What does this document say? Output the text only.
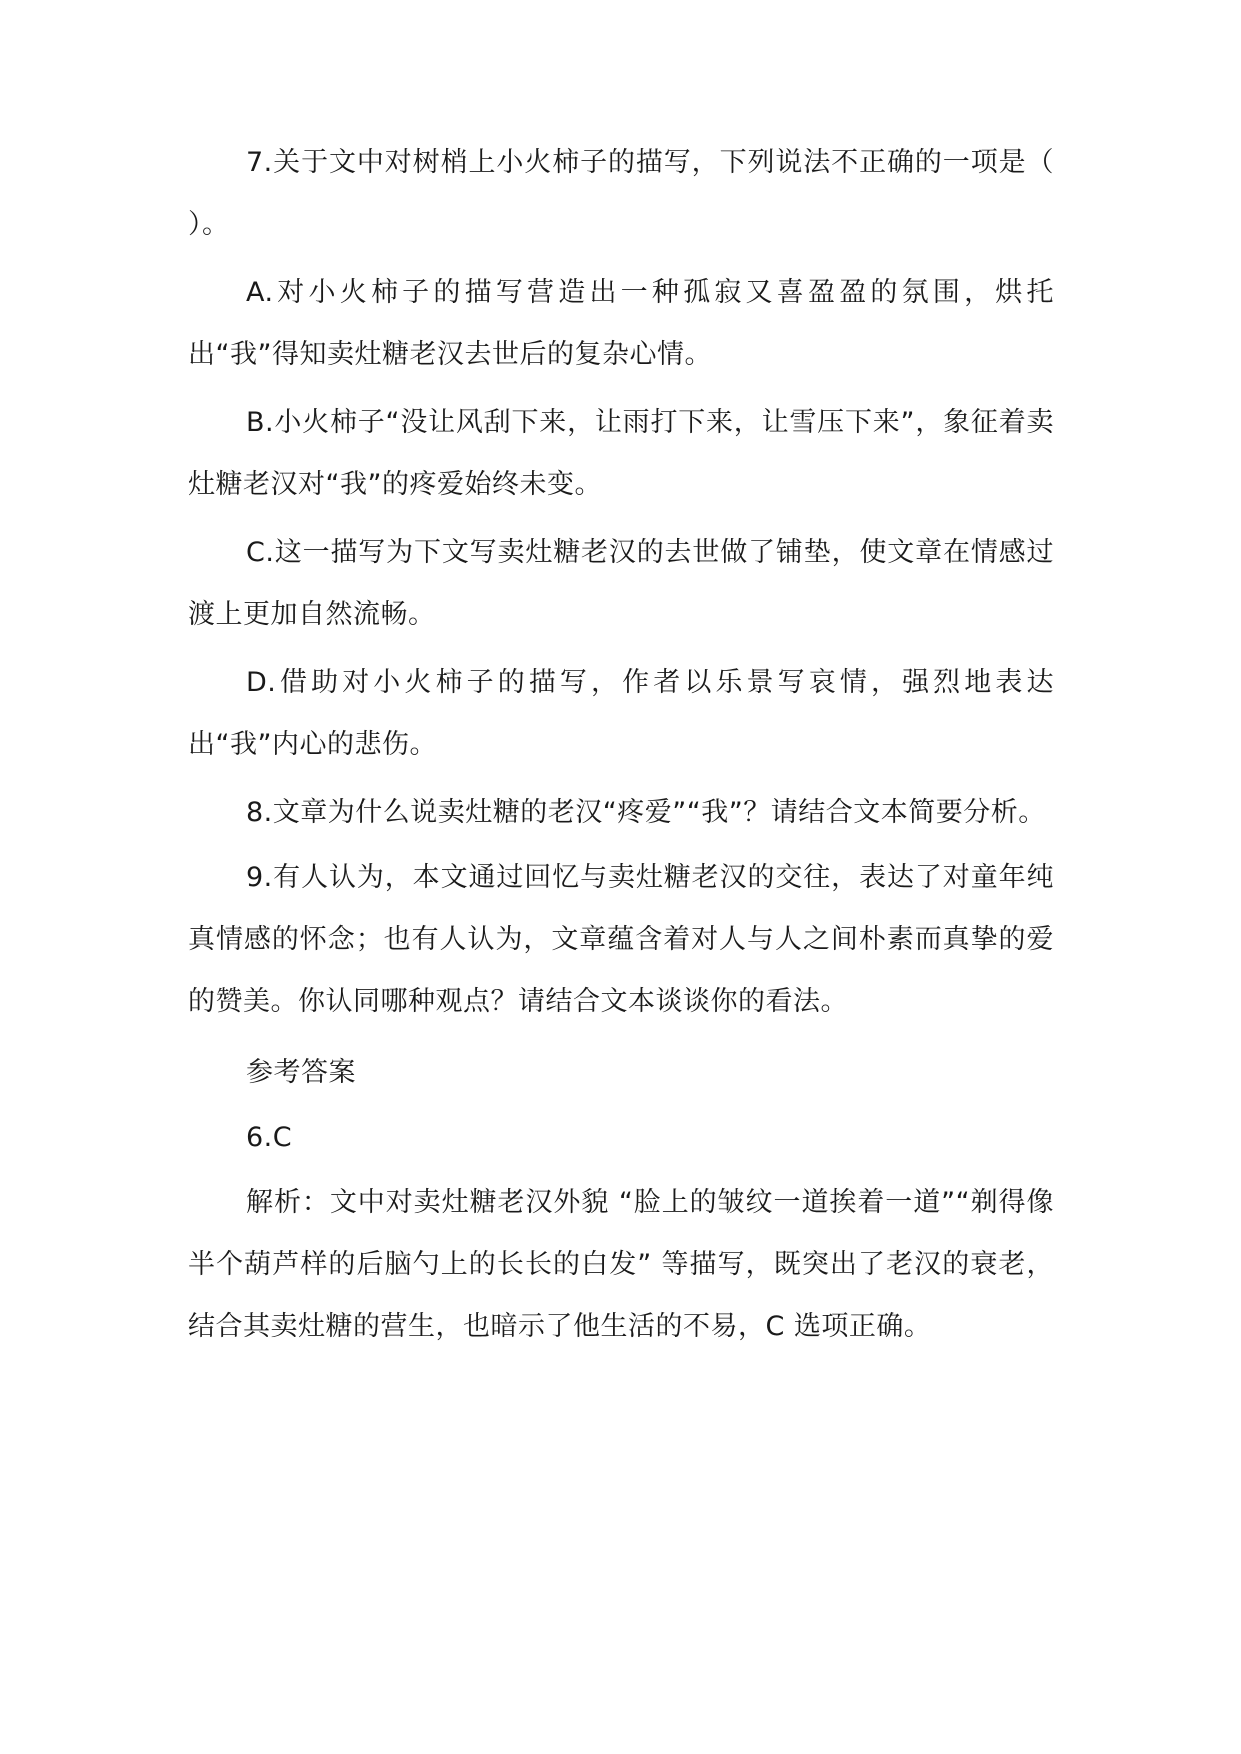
7.关于文中对树梢上小火柿子的描写，下列说法不正确的一项是（ ）。

A.对小火柿子的描写营造出一种孤寂又喜盈盈的氛围，烘托出“我”得知卖灶糖老汉去世后的复杂心情。

B.小火柿子“没让风刮下来，让雨打下来，让雪压下来”，象征着卖灶糖老汉对“我”的疼爱始终未变。

C.这一描写为下文写卖灶糖老汉的去世做了铺垫，使文章在情感过渡上更加自然流畅。

D.借助对小火柿子的描写，作者以乐景写哀情，强烈地表达出“我”内心的悲伤。

8.文章为什么说卖灶糖的老汉“疼爱”“我”？请结合文本简要分析。

9.有人认为，本文通过回忆与卖灶糖老汉的交往，表达了对童年纯真情感的怀念；也有人认为，文章蕴含着对人与人之间朴素而真挚的爱的赞美。你认同哪种观点？请结合文本谈谈你的看法。

参考答案

6.C

解析：文中对卖灶糖老汉外貌 “脸上的皱纹一道挨着一道”“剃得像半个葫芦样的后脑勺上的长长的白发” 等描写，既突出了老汉的衰老，结合其卖灶糖的营生，也暗示了他生活的不易，C 选项正确。
